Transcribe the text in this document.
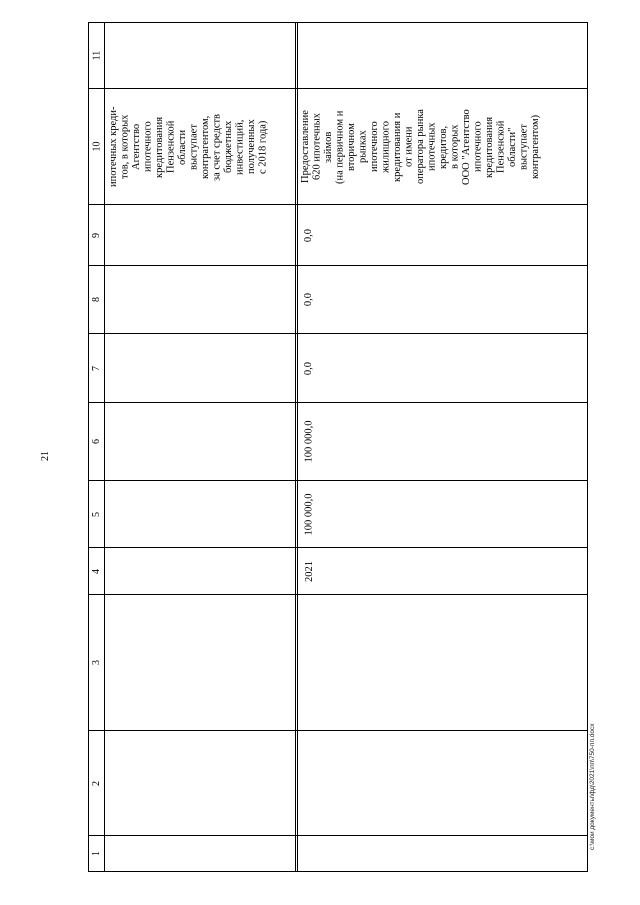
21
11
10
9
8
7
6
5
4
3
2
1
ипотечных креди-
тов, в которых
Агентство
ипотечного
кредитования
Пензенской
области
выступает
контрагентом,
за счет средств
бюджетных
инвестиций,
полученных
с 2018 года)	Предоставление
620 ипотечных
займов
(на первичном и
вторичном
рынках
ипотечного
жилищного
кредитования и
от имени
оператора рынка
ипотечных
кредитов,
в которых
ООО "Агентство
ипотечного
кредитования
Пензенской
области"
выступает
контрагентом)
0,0
0,0
0,0
100 000,0
100 000,0
2021
c:\мои документы\фд\2021\пп\750-пп.docx
